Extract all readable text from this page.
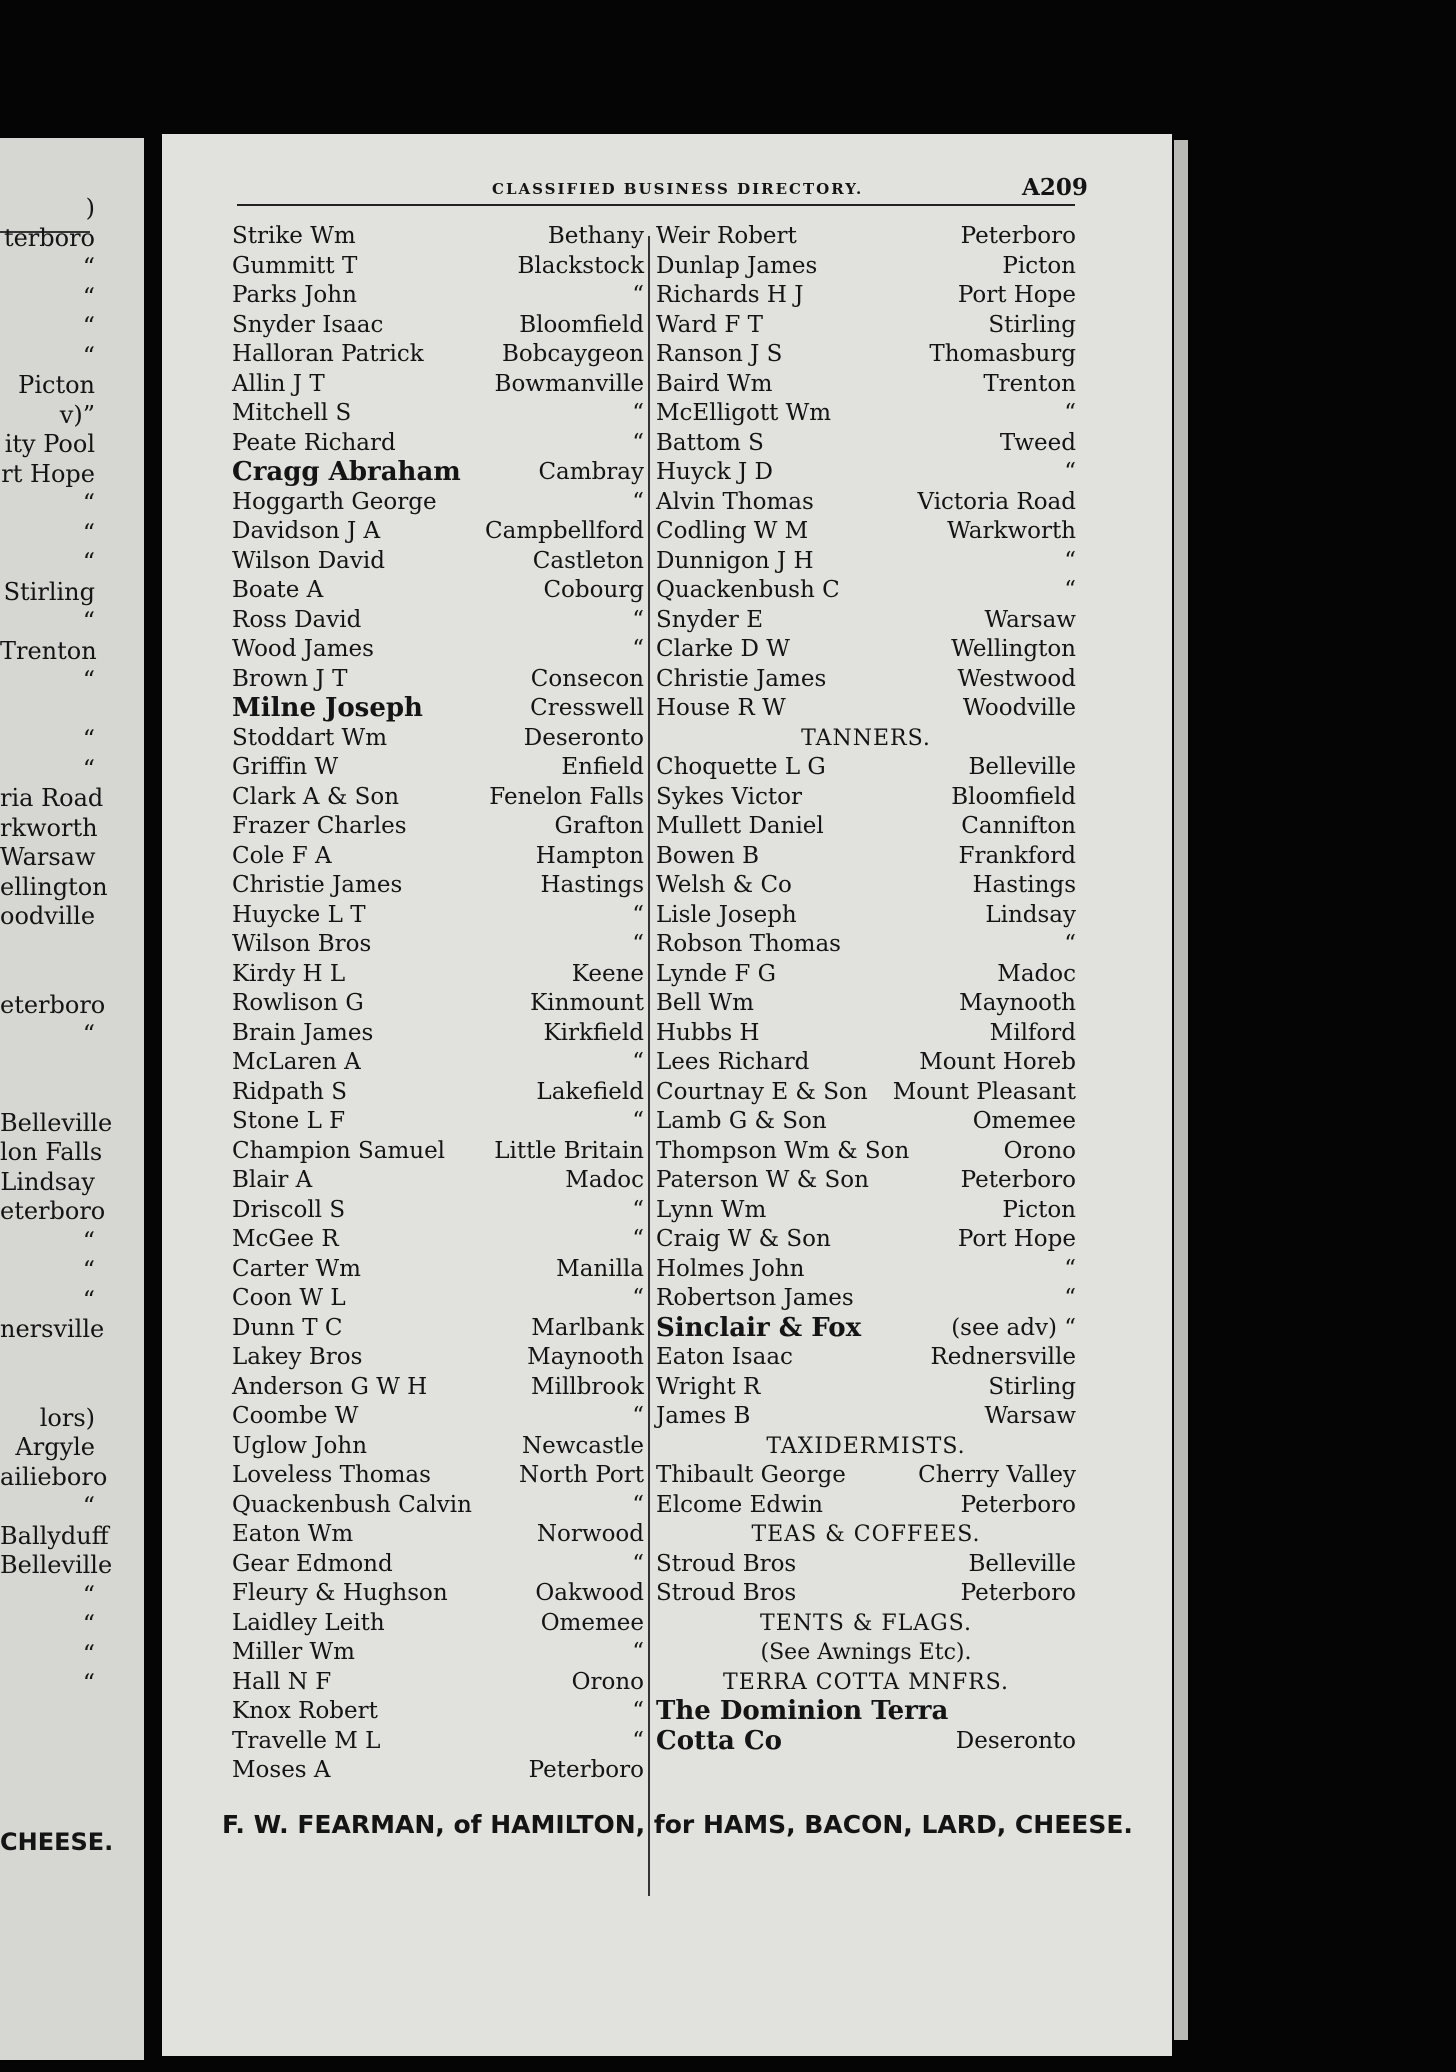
)
terboro
“
“
“
“
Picton
v)”
ity Pool
rt Hope
“
“
“
Stirling
“
Trenton
“
“
“
ria Road
rkworth
Warsaw
ellington
oodville
eterboro
“
Belleville
lon Falls
Lindsay
eterboro
“
“
“
nersville
lors)
Argyle
ailieboro
“
Ballyduff
Belleville
“
“
“
“
CHEESE.
CLASSIFIED BUSINESS DIRECTORY.	A209
Strike Wm	Bethany
Gummitt T	Blackstock
Parks John	“
Snyder Isaac	Bloomfield
Halloran Patrick	Bobcaygeon
Allin J T	Bowmanville
Mitchell S	“
Peate Richard	“
Cragg Abraham	Cambray
Hoggarth George	“
Davidson J A	Campbellford
Wilson David	Castleton
Boate A	Cobourg
Ross David	“
Wood James	“
Brown J T	Consecon
Milne Joseph	Cresswell
Stoddart Wm	Deseronto
Griffin W	Enfield
Clark A & Son	Fenelon Falls
Frazer Charles	Grafton
Cole F A	Hampton
Christie James	Hastings
Huycke L T	“
Wilson Bros	“
Kirdy H L	Keene
Rowlison G	Kinmount
Brain James	Kirkfield
McLaren A	“
Ridpath S	Lakefield
Stone L F	“
Champion Samuel Little Britain
Blair A	Madoc
Driscoll S	“
McGee R	“
Carter Wm	Manilla
Coon W L	“
Dunn T C	Marlbank
Lakey Bros	Maynooth
Anderson G W H	Millbrook
Coombe W	“
Uglow John	Newcastle
Loveless Thomas	North Port
Quackenbush Calvin	“
Eaton Wm	Norwood
Gear Edmond	“
Fleury & Hughson	Oakwood
Laidley Leith	Omemee
Miller Wm	“
Hall N F	Orono
Knox Robert	“
Travelle M L	“
Moses A	Peterboro
Weir Robert	Peterboro
Dunlap James	Picton
Richards H J	Port Hope
Ward F T	Stirling
Ranson J S	Thomasburg
Baird Wm	Trenton
McElligott Wm	“
Battom S	Tweed
Huyck J D	“
Alvin Thomas	Victoria Road
Codling W M	Warkworth
Dunnigon J H	“
Quackenbush C	“
Snyder E	Warsaw
Clarke D W	Wellington
Christie James	Westwood
House R W	Woodville
TANNERS.
Choquette L G	Belleville
Sykes Victor	Bloomfield
Mullett Daniel	Cannifton
Bowen B	Frankford
Welsh & Co	Hastings
Lisle Joseph	Lindsay
Robson Thomas	“
Lynde F G	Madoc
Bell Wm	Maynooth
Hubbs H	Milford
Lees Richard	Mount Horeb
Courtnay E & Son Mount Pleasant
Lamb G & Son	Omemee
Thompson Wm & Son	Orono
Paterson W & Son	Peterboro
Lynn Wm	Picton
Craig W & Son	Port Hope
Holmes John	“
Robertson James	“
Sinclair & Fox	(see adv) “
Eaton Isaac	Rednersville
Wright R	Stirling
James B	Warsaw
TAXIDERMISTS.
Thibault George	Cherry Valley
Elcome Edwin	Peterboro
TEAS & COFFEES.
Stroud Bros	Belleville
Stroud Bros	Peterboro
TENTS & FLAGS.
(See Awnings Etc).
TERRA COTTA MNFRS.
The Dominion Terra
Cotta Co	Deseronto
F. W. FEARMAN, of HAMILTON, for HAMS, BACON, LARD, CHEESE.
